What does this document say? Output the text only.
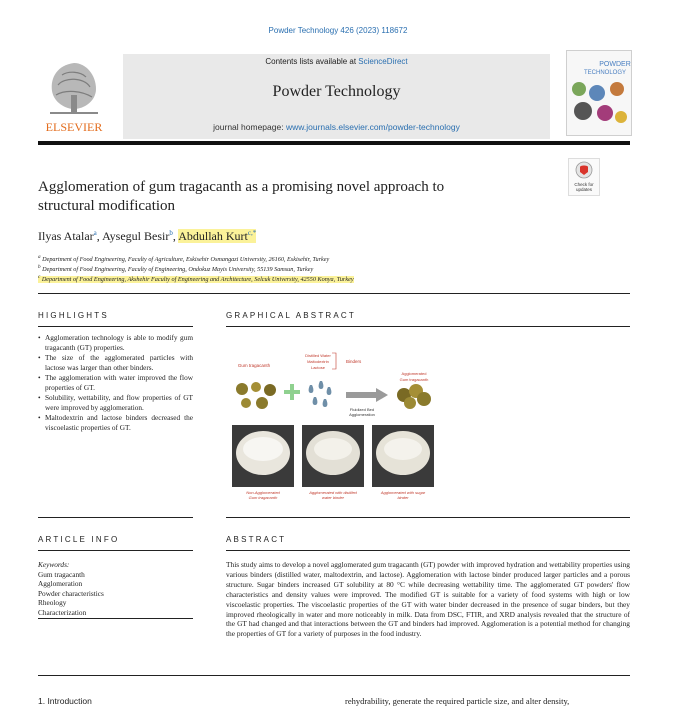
Powder Technology 426 (2023) 118672
ELSEVIER
Contents lists available at ScienceDirect
Powder Technology
journal homepage: www.journals.elsevier.com/powder-technology
POWDER
TECHNOLOGY
Check for
updates
Agglomeration of gum tragacanth as a promising novel approach to
structural modification
Ilyas Atalar$^a$, Aysegul Besir$^b$, Abdullah Kurt$^{c,*}$
$^a$ Department of Food Engineering, Faculty of Agriculture, Eskisehir Osmangazi University, 26160, Eskisehir, Turkey
$^b$ Department of Food Engineering, Faculty of Engineering, Ondokuz Mayis University, 55139 Samsun, Turkey
$^c$ Department of Food Engineering, Akshehir Faculty of Engineering and Architecture, Selcuk University, 42550 Konya, Turkey
HIGHLIGHTS
• Agglomeration technology is able to modify gum tragacanth (GT) properties.
• The size of the agglomerated particles with lactose was larger than other binders.
• The agglomeration with water improved the flow properties of GT.
• Solubility, wettability, and flow properties of GT were improved by agglomeration.
• Maltodextrin and lactose binders decreased the viscoelastic properties of GT.
GRAPHICAL ABSTRACT
Gum tragacanth
Distilled Water
Maltodextrin
Lactose
Binders
Fluidized Bed
Agglomeration
Agglomerated
Gum tragacanth
Non-Agglomerated
Gum tragacanth
Agglomerated with distilled
water binder
Agglomerated with sugar
binder
ARTICLE INFO
Keywords:
Gum tragacanth
Agglomeration
Powder characteristics
Rheology
Characterization
ABSTRACT
This study aims to develop a novel agglomerated gum tragacanth (GT) powder with improved hydration and wettability properties using various binders (distilled water, maltodextrin, and lactose). Agglomeration with lactose binder produced larger particles and a porous structure. Sugar binders increased GT solubility at 80 °C while decreasing wettability time. The agglomerated GT powders' flow characteristics and density values were improved. The modified GT is suitable for a variety of food systems with high or low viscoelastic properties. The viscoelastic properties of the GT with water binder decreased in the presence of sugar binders, but they improved rheologically in water and more noticeably in milk. Data from DSC, FTIR, and XRD analysis revealed that the structure of the GT had changed and that interactions between the GT and binders had improved. Agglomeration is a potential method for changing the properties of GT for a variety of purposes in the food industry.
1. Introduction	rehydrability, generate the required particle size, and alter density,
